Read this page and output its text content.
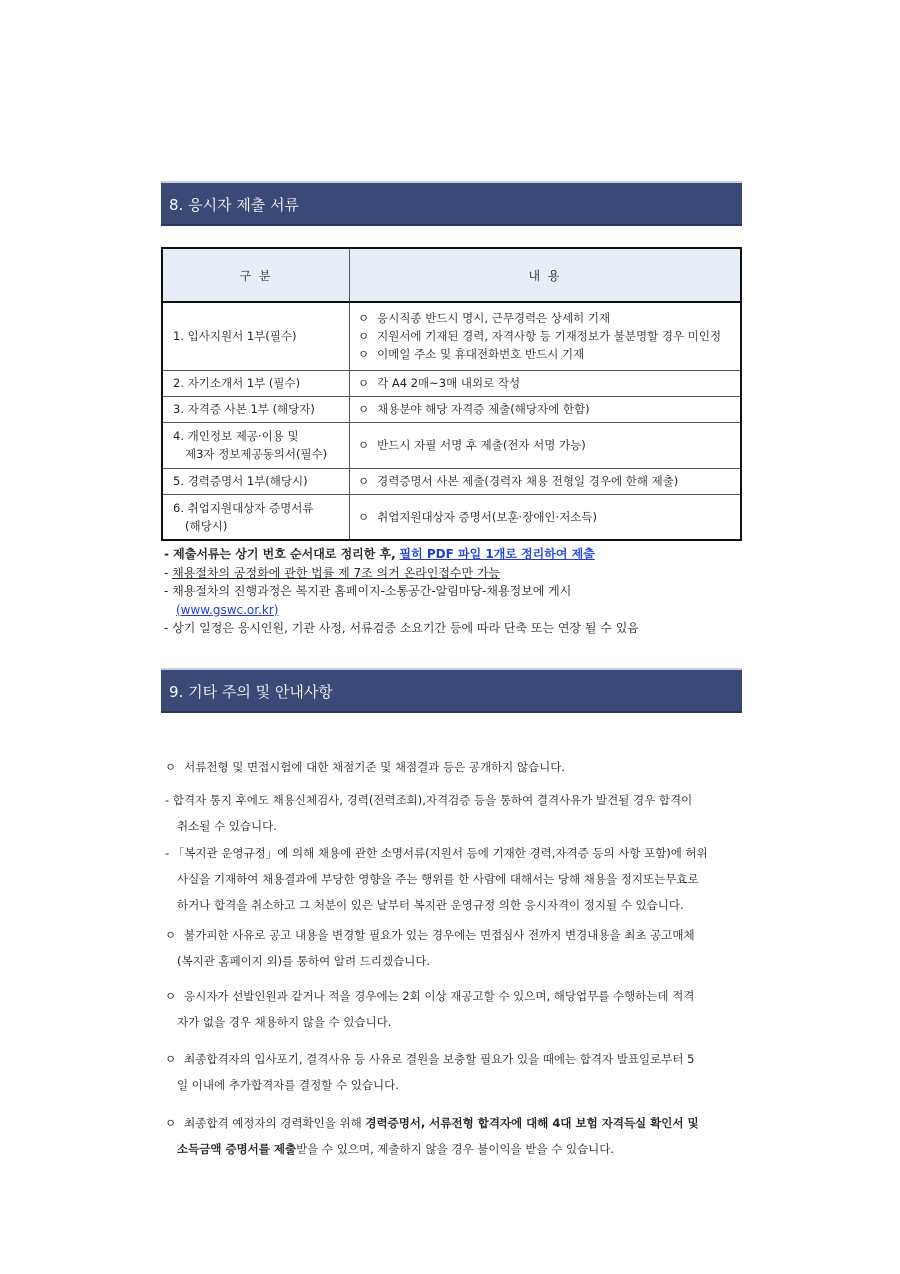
8. 응시자 제출 서류
구 분	내 용
1. 입사지원서 1부(필수)	ㅇ 응시직종 반드시 명시, 근무경력은 상세히 기재
ㅇ 지원서에 기재된 경력, 자격사항 등 기재정보가 불분명할 경우 미인정
ㅇ 이메일 주소 및 휴대전화번호 반드시 기재

2. 자기소개서 1부 (필수)	ㅇ 각 A4 2매~3매 내외로 작성
3. 자격증 사본 1부 (해당자)	ㅇ 채용분야 해당 자격증 제출(해당자에 한함)
4. 개인정보 제공·이용 및
제3자 정보제공동의서(필수)	ㅇ 반드시 자필 서명 후 제출(전자 서명 가능)
5. 경력증명서 1부(해당시)	ㅇ 경력증명서 사본 제출(경력자 채용 전형일 경우에 한해 제출)
6. 취업지원대상자 증명서류
(해당시)	ㅇ 취업지원대상자 증명서(보훈·장애인·저소득)
- 제출서류는 상기 번호 순서대로 정리한 후, 필히 PDF 파일 1개로 정리하여 제출
- 채용절차의 공정화에 관한 법률 제 7조 의거 온라인접수만 가능
- 채용절차의 진행과정은 복지관 홈페이지-소통공간-알림마당-채용정보에 게시
(www.gswc.or.kr)
- 상기 일정은 응시인원, 기관 사정, 서류검증 소요기간 등에 따라 단축 또는 연장 될 수 있음
9. 기타 주의 및 안내사항
ㅇ 서류전형 및 면접시험에 대한 채점기준 및 채점결과 등은 공개하지 않습니다.
- 합격자 통지 후에도 채용신체검사, 경력(전력조회),자격검증 등을 통하여 결격사유가 발견될 경우 합격이
취소될 수 있습니다.
- 「복지관 운영규정」에 의해 채용에 관한 소명서류(지원서 등에 기재한 경력,자격증 등의 사항 포함)에 허위
사실을 기재하여 채용결과에 부당한 영향을 주는 행위를 한 사람에 대해서는 당해 채용을 정지또는무효로
하거나 합격을 취소하고 그 처분이 있은 날부터 복지관 운영규정 의한 응시자격이 정지될 수 있습니다.
ㅇ 불가피한 사유로 공고 내용을 변경할 필요가 있는 경우에는 면접심사 전까지 변경내용을 최초 공고매체
(복지관 홈페이지 외)를 통하여 알려 드리겠습니다.
ㅇ 응시자가 선발인원과 같거나 적을 경우에는 2회 이상 재공고할 수 있으며, 해당업무를 수행하는데 적격
자가 없을 경우 채용하지 않을 수 있습니다.
ㅇ 최종합격자의 입사포기, 결격사유 등 사유로 결원을 보충할 필요가 있을 때에는 합격자 발표일로부터 5
일 이내에 추가합격자를 결정할 수 있습니다.
ㅇ 최종합격 예정자의 경력확인을 위해 경력증명서, 서류전형 합격자에 대해 4대 보험 자격득실 확인서 및
소득금액 증명서를 제출받을 수 있으며, 제출하지 않을 경우 불이익을 받을 수 있습니다.
